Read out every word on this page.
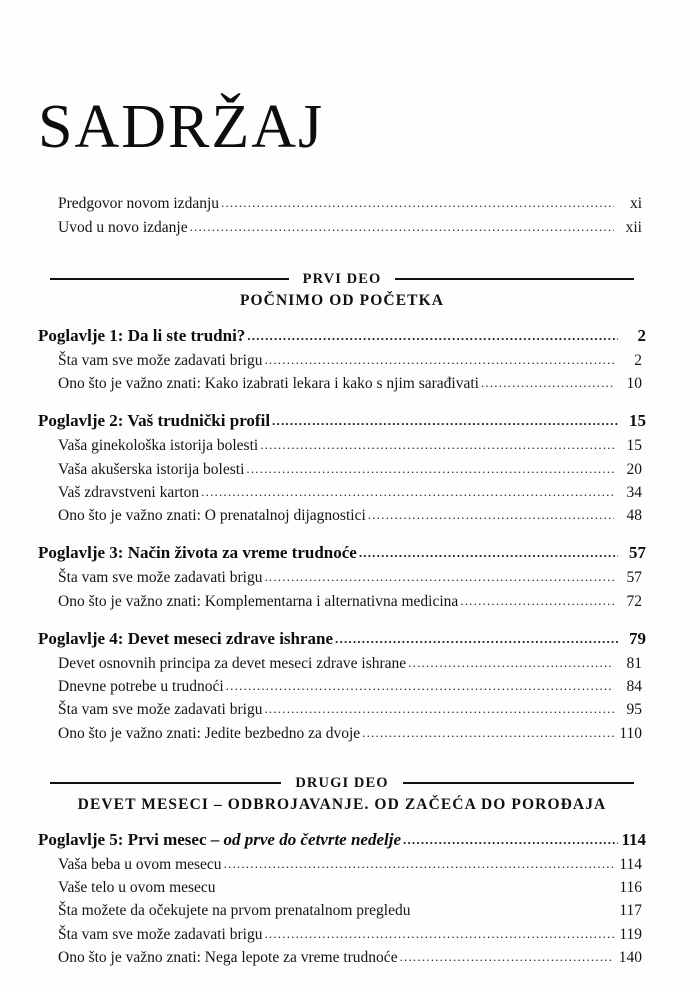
SADRŽAJ
Predgovor novom izdanju .....	xi
Uvod u novo izdanje .....	xii
PRVI DEO
POČNIMO OD POČETKA
Poglavlje 1: Da li ste trudni? .....	2
Šta vam sve može zadavati brigu .....	2
Ono što je važno znati: Kako izabrati lekara i kako s njim sarađivati .....	10
Poglavlje 2: Vaš trudnički profil .....	15
Vaša ginekološka istorija bolesti .....	15
Vaša akušerska istorija bolesti .....	20
Vaš zdravstveni karton .....	34
Ono što je važno znati: O prenatalnoj dijagnostici .....	48
Poglavlje 3: Način života za vreme trudnoće .....	57
Šta vam sve može zadavati brigu .....	57
Ono što je važno znati: Komplementarna i alternativna medicina .....	72
Poglavlje 4: Devet meseci zdrave ishrane .....	79
Devet osnovnih principa za devet meseci zdrave ishrane .....	81
Dnevne potrebe u trudnoći .....	84
Šta vam sve može zadavati brigu .....	95
Ono što je važno znati: Jedite bezbedno za dvoje .....	110
DRUGI DEO
DEVET MESECI – ODBROJAVANJE. OD ZAČEĆA DO POROĐAJA
Poglavlje 5: Prvi mesec – od prve do četvrte nedelje .....	114
Vaša beba u ovom mesecu .....	114
Vaše telo u ovom mesecu	116
Šta možete da očekujete na prvom prenatalnom pregledu	117
Šta vam sve može zadavati brigu .....	119
Ono što je važno znati: Nega lepote za vreme trudnoće .....	140
